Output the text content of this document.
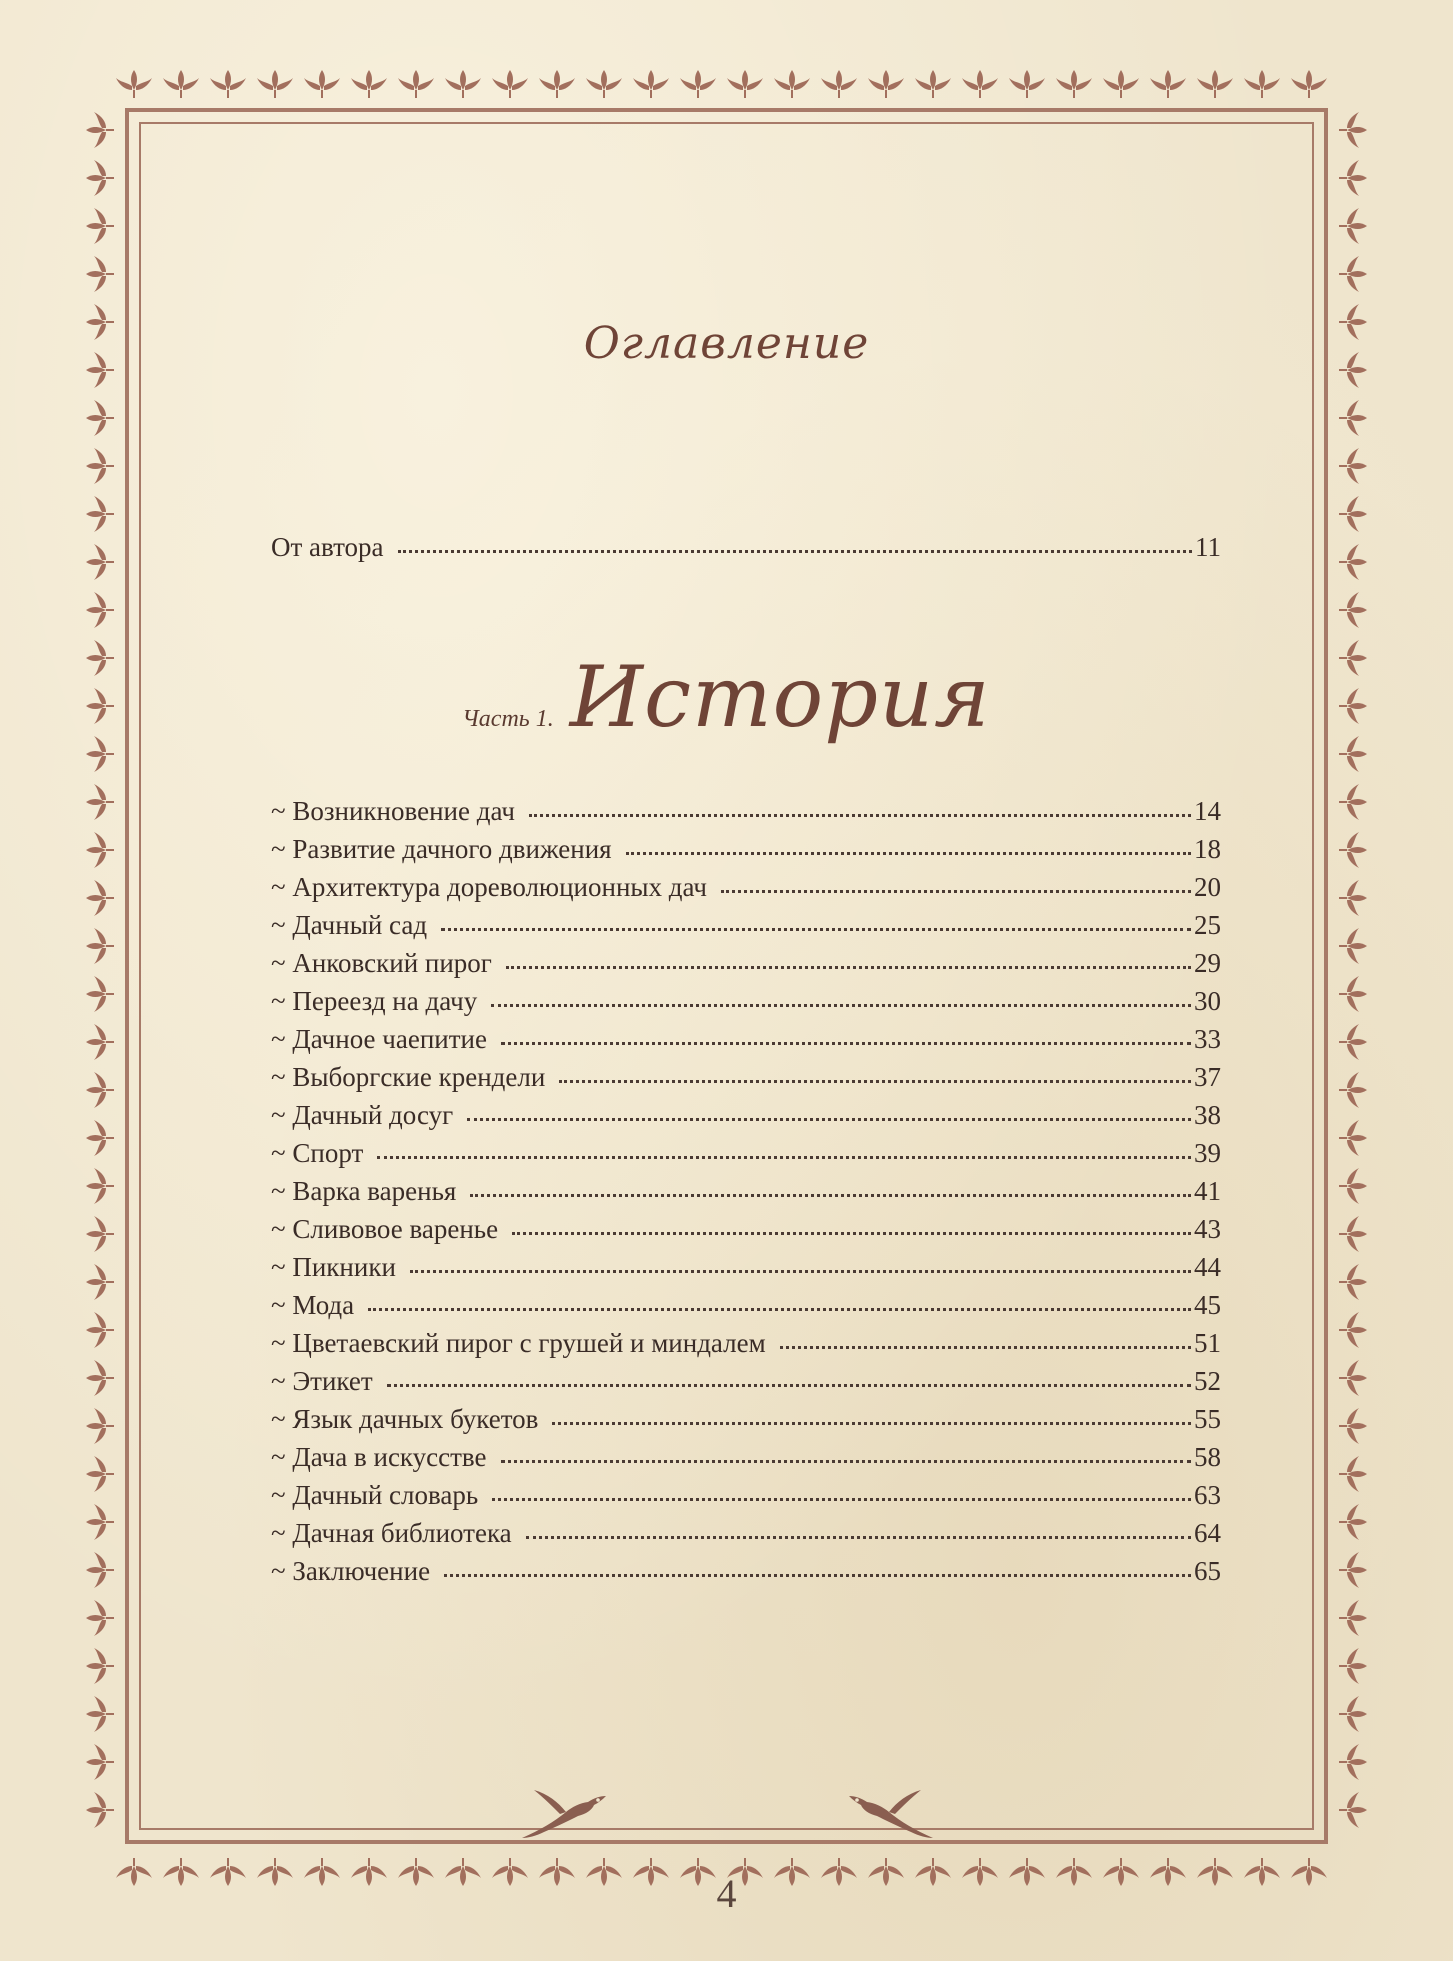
Оглавление
От автора	11
Часть 1. История
~ Возникновение дач	14
~ Развитие дачного движения	18
~ Архитектура дореволюционных дач	20
~ Дачный сад	25
~ Анковский пирог	29
~ Переезд на дачу	30
~ Дачное чаепитие	33
~ Выборгские крендели	37
~ Дачный досуг	38
~ Спорт	39
~ Варка варенья	41
~ Сливовое варенье	43
~ Пикники	44
~ Мода	45
~ Цветаевский пирог с грушей и миндалем	51
~ Этикет	52
~ Язык дачных букетов	55
~ Дача в искусстве	58
~ Дачный словарь	63
~ Дачная библиотека	64
~ Заключение	65
4
